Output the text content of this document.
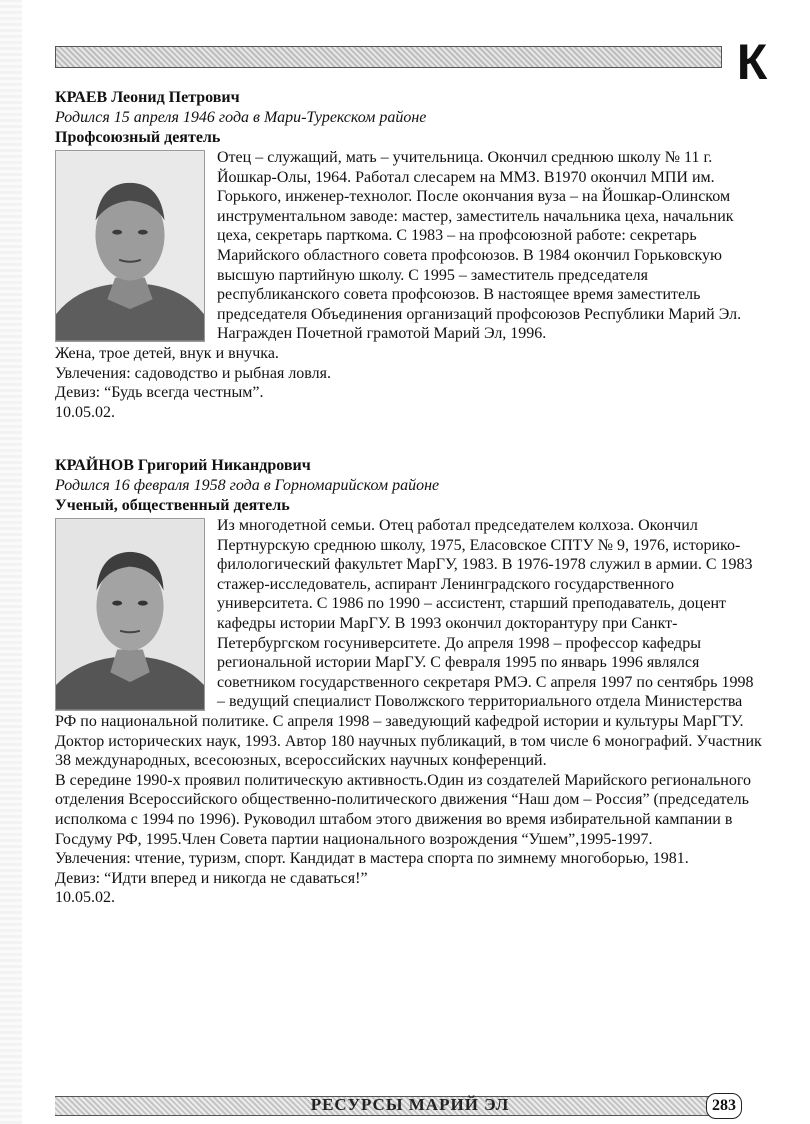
К

КРАЕВ Леонид Петрович

Родился 15 апреля 1946 года в Мари-Турекском районе

Профсоюзный деятель

Отец – служащий, мать – учительница. Окончил среднюю школу № 11 г. Йошкар-Олы, 1964. Работал слесарем на ММЗ. В1970 окончил МПИ им. Горького, инженер-технолог. После окончания вуза – на Йошкар-Олинском инструментальном заводе: мастер, заместитель начальника цеха, начальник цеха, секретарь парткома. С 1983 – на профсоюзной работе: секретарь Марийского областного совета профсоюзов. В 1984 окончил Горьковскую высшую партийную школу. С 1995 – заместитель председателя республиканского совета профсоюзов. В настоящее время заместитель председателя Объединения организаций профсоюзов Республики Марий Эл. Награжден Почетной грамотой Марий Эл, 1996.

Жена, трое детей, внук и внучка.
Увлечения: садоводство и рыбная ловля.
Девиз: “Будь всегда честным”.
10.05.02.

КРАЙНОВ Григорий Никандрович

Родился 16 февраля 1958 года в Горномарийском районе

Ученый, общественный деятель

Из многодетной семьи. Отец работал председателем колхоза. Окончил Пертнурскую среднюю школу, 1975, Еласовское СПТУ № 9, 1976, историко-филологический факультет МарГУ, 1983. В 1976-1978 служил в армии. С 1983 стажер-исследователь, аспирант Ленинградского государственного университета. С 1986 по 1990 – ассистент, старший преподаватель, доцент кафедры истории МарГУ. В 1993 окончил докторантуру при Санкт-Петербургском госуниверситете. До апреля 1998 – профессор кафедры региональной истории МарГУ. С февраля 1995 по январь 1996 являлся советником государственного секретаря РМЭ. С апреля 1997 по сентябрь 1998 – ведущий специалист Поволжского территориального отдела Министерства РФ по национальной политике. С апреля 1998 – заведующий кафедрой истории и культуры МарГТУ.

Доктор исторических наук, 1993. Автор 180 научных публикаций, в том числе 6 монографий. Участник 38 международных, всесоюзных, всероссийских научных конференций.
В середине 1990-х проявил политическую активность.Один из создателей Марийского регионального отделения Всероссийского общественно-политического движения “Наш дом – Россия” (председатель исполкома с 1994 по 1996). Руководил штабом этого движения во время избирательной кампании в Госдуму РФ, 1995.Член Совета партии национального возрождения “Ушем”,1995-1997.
Увлечения: чтение, туризм, спорт. Кандидат в мастера спорта по зимнему многоборью, 1981.
Девиз: “Идти вперед и никогда не сдаваться!”
10.05.02.
РЕСУРСЫ МАРИЙ ЭЛ	283
